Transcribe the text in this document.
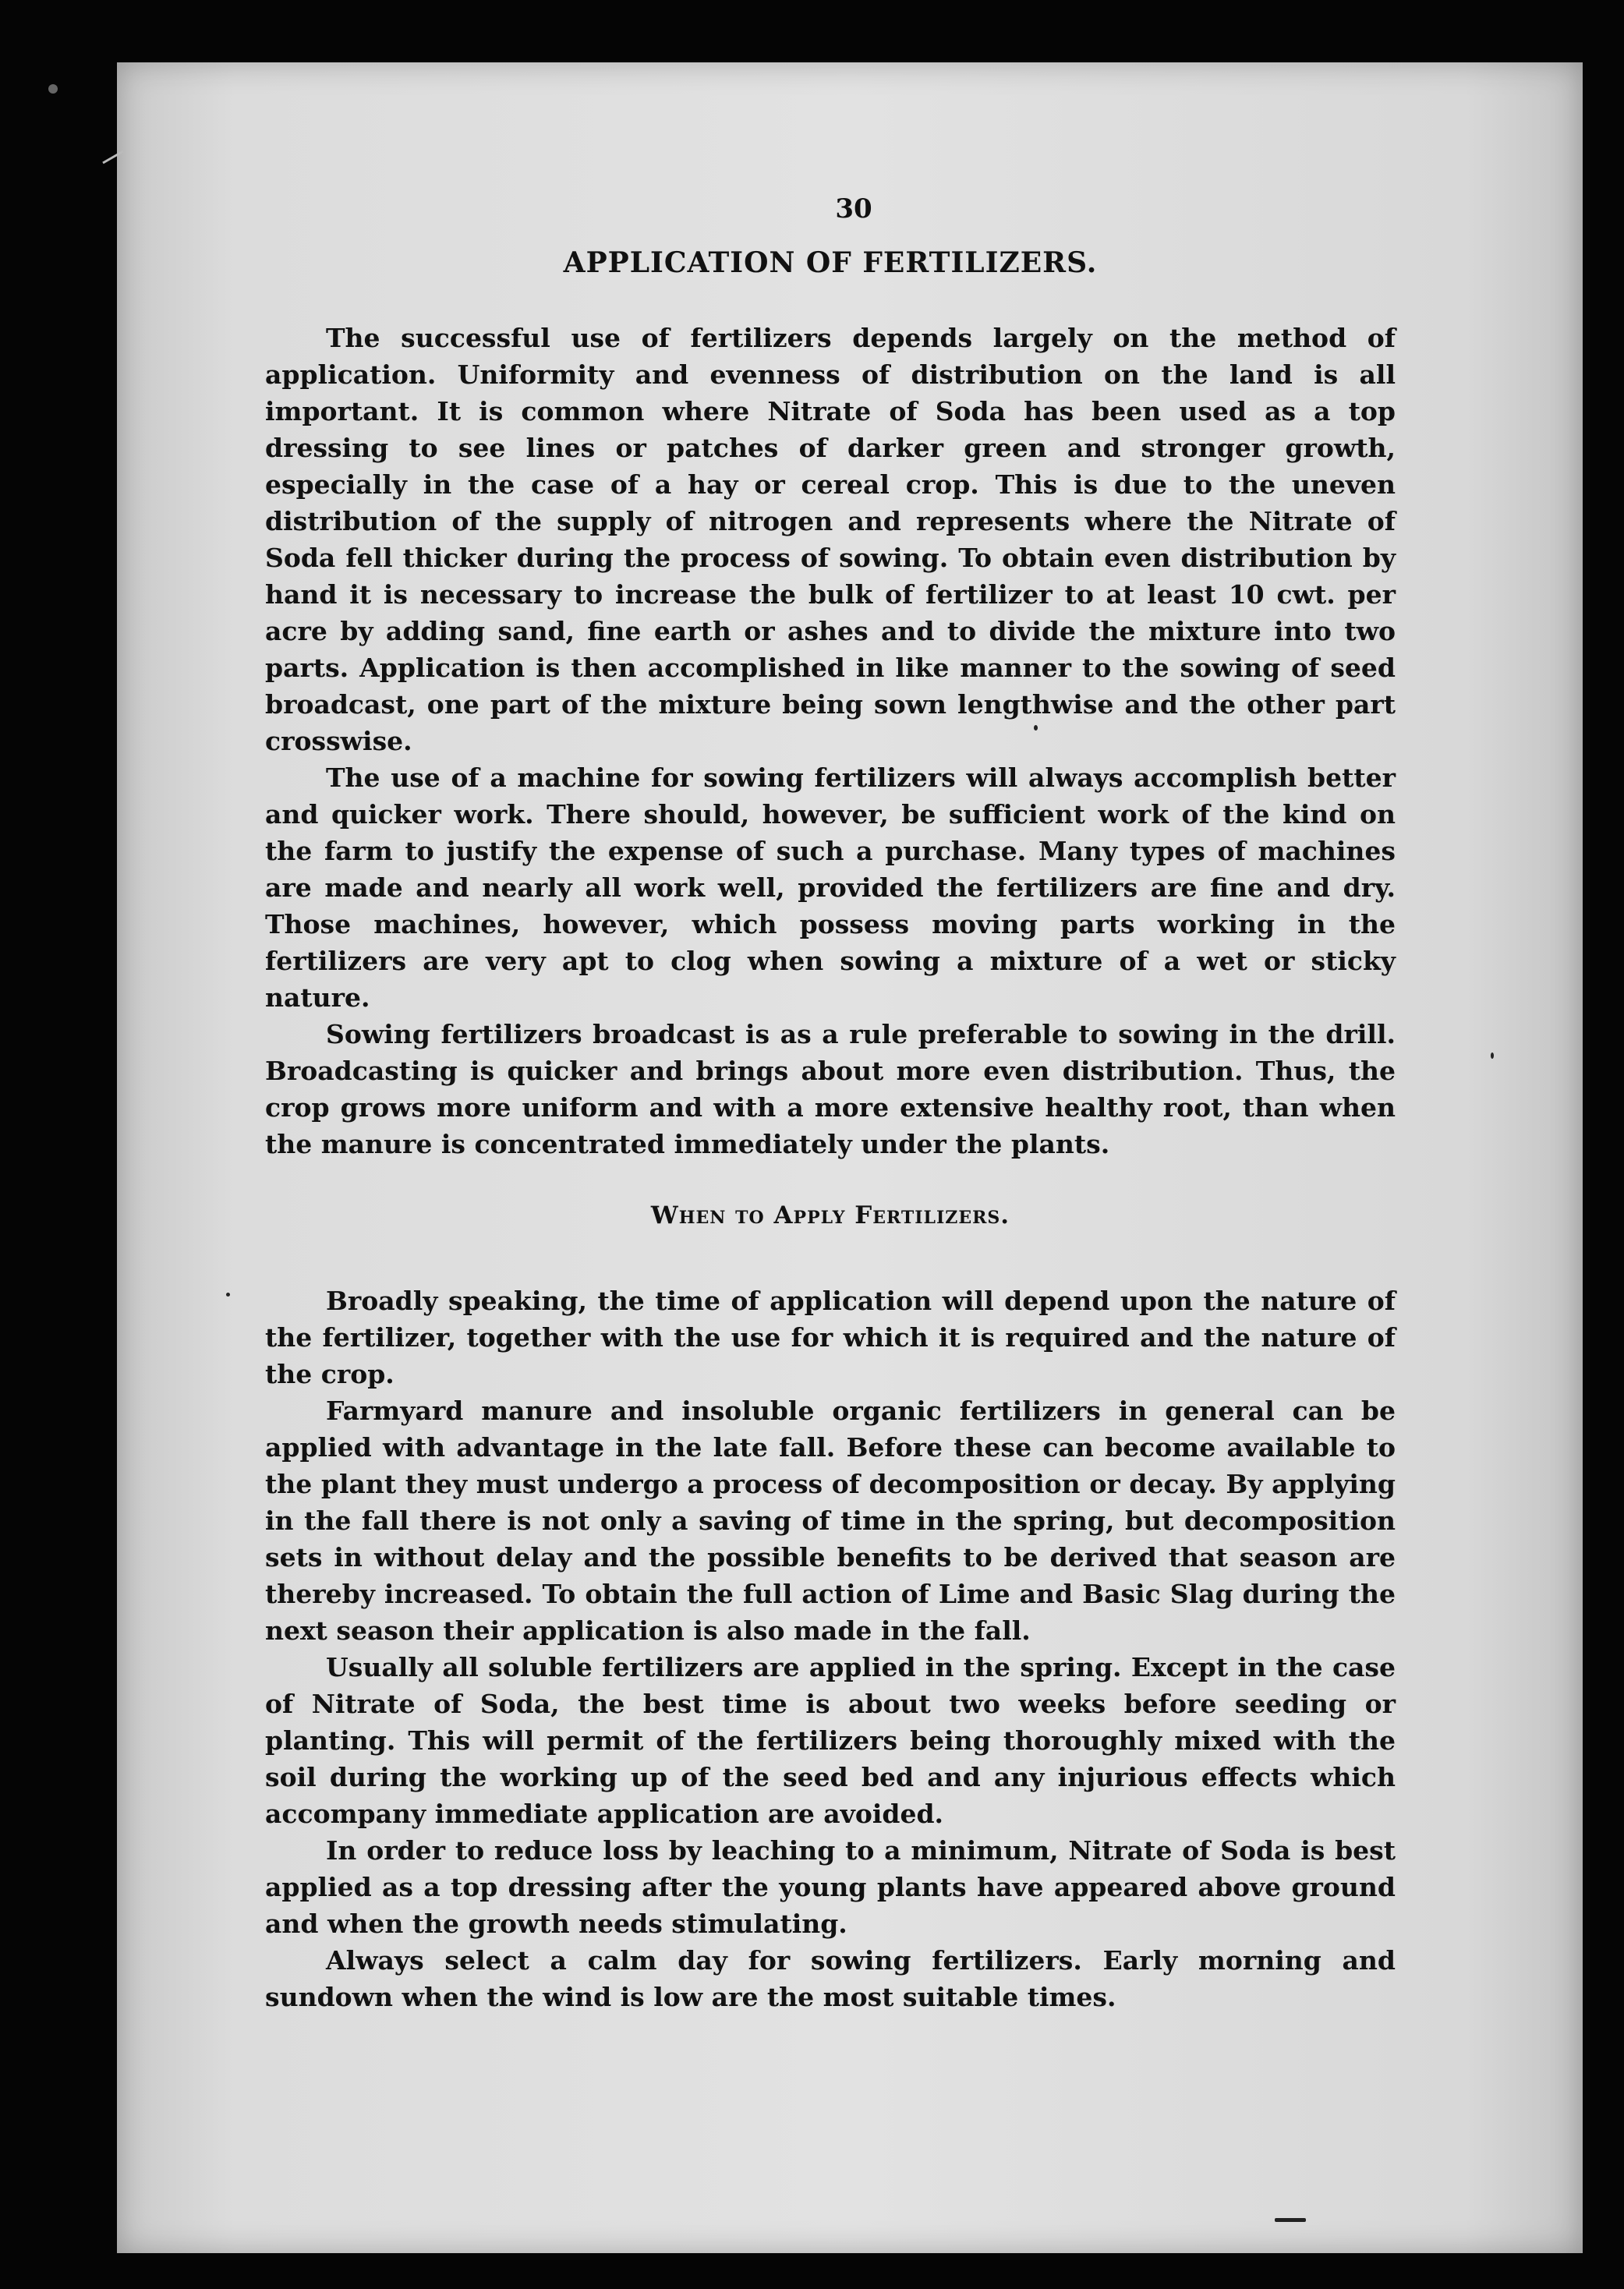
30
APPLICATION OF FERTILIZERS.

The successful use of fertilizers depends largely on the method of application. Uniformity and evenness of distribution on the land is all important. It is common where Nitrate of Soda has been used as a top dressing to see lines or patches of darker green and stronger growth, especially in the case of a hay or cereal crop. This is due to the uneven distribution of the supply of nitrogen and represents where the Nitrate of Soda fell thicker during the process of sowing. To obtain even distribution by hand it is necessary to increase the bulk of fertilizer to at least 10 cwt. per acre by adding sand, fine earth or ashes and to divide the mixture into two parts. Application is then accomplished in like manner to the sowing of seed broadcast, one part of the mixture being sown lengthwise and the other part crosswise.

The use of a machine for sowing fertilizers will always accomplish better and quicker work. There should, however, be sufficient work of the kind on the farm to justify the expense of such a purchase. Many types of machines are made and nearly all work well, provided the fertilizers are fine and dry. Those machines, however, which possess moving parts working in the fertilizers are very apt to clog when sowing a mixture of a wet or sticky nature.

Sowing fertilizers broadcast is as a rule preferable to sowing in the drill. Broadcasting is quicker and brings about more even distribution. Thus, the crop grows more uniform and with a more extensive healthy root, than when the manure is concentrated immediately under the plants.

When to Apply Fertilizers.

Broadly speaking, the time of application will depend upon the nature of the fertilizer, together with the use for which it is required and the nature of the crop.

Farmyard manure and insoluble organic fertilizers in general can be applied with advantage in the late fall. Before these can become available to the plant they must undergo a process of decomposition or decay. By applying in the fall there is not only a saving of time in the spring, but decomposition sets in without delay and the possible benefits to be derived that season are thereby increased. To obtain the full action of Lime and Basic Slag during the next season their application is also made in the fall.

Usually all soluble fertilizers are applied in the spring. Except in the case of Nitrate of Soda, the best time is about two weeks before seeding or planting. This will permit of the fertilizers being thoroughly mixed with the soil during the working up of the seed bed and any injurious effects which accompany immediate application are avoided.

In order to reduce loss by leaching to a minimum, Nitrate of Soda is best applied as a top dressing after the young plants have appeared above ground and when the growth needs stimulating.

Always select a calm day for sowing fertilizers. Early morning and sundown when the wind is low are the most suitable times.
